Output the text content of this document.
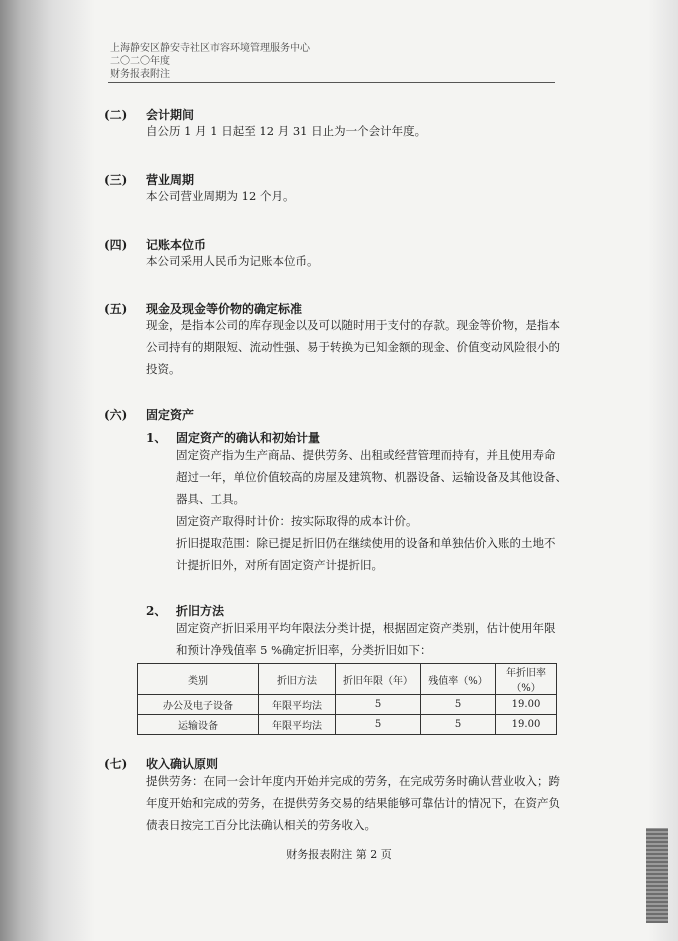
上海静安区静安寺社区市容环境管理服务中心
二〇二〇年度
财务报表附注
(二) 会计期间
自公历 1 月 1 日起至 12 月 31 日止为一个会计年度。
(三) 营业周期
本公司营业周期为 12 个月。
(四) 记账本位币
本公司采用人民币为记账本位币。
(五) 现金及现金等价物的确定标准
现金，是指本公司的库存现金以及可以随时用于支付的存款。现金等价物，是指本
公司持有的期限短、流动性强、易于转换为已知金额的现金、价值变动风险很小的
投资。
(六) 固定资产
1、 固定资产的确认和初始计量
固定资产指为生产商品、提供劳务、出租或经营管理而持有，并且使用寿命
超过一年，单位价值较高的房屋及建筑物、机器设备、运输设备及其他设备、
器具、工具。
固定资产取得时计价：按实际取得的成本计价。
折旧提取范围：除已提足折旧仍在继续使用的设备和单独估价入账的土地不
计提折旧外，对所有固定资产计提折旧。
2、 折旧方法
固定资产折旧采用平均年限法分类计提，根据固定资产类别，估计使用年限
和预计净残值率 5 %确定折旧率，分类折旧如下：
类别	折旧方法	折旧年限（年）	残值率（%）	年折旧率（%）
办公及电子设备	年限平均法	5	5	19.00
运输设备	年限平均法	5	5	19.00
(七) 收入确认原则
提供劳务：在同一会计年度内开始并完成的劳务，在完成劳务时确认营业收入；跨
年度开始和完成的劳务，在提供劳务交易的结果能够可靠估计的情况下，在资产负
债表日按完工百分比法确认相关的劳务收入。
财务报表附注 第 2 页
